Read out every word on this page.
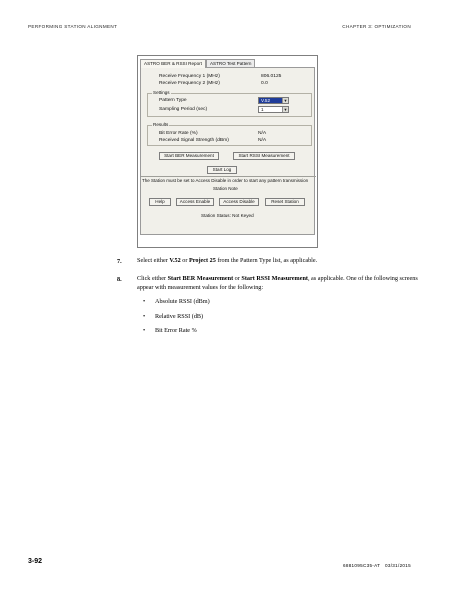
PERFORMING STATION ALIGNMENT	CHAPTER 3: OPTIMIZATION
ASTRO BER & RSSI Report	ASTRO Test Pattern
Receive Frequency 1 (MHz)	806.0125
Receive Frequency 2 (MHz)	0.0
Settings
Pattern Type	V.52	▼
Sampling Period (sec)	1	▼
Results
Bit Error Rate (%)	N/A
Received Signal Strength (dBm)	N/A
Start BER Measurement	Start RSSI Measurement
Start Log
The Station must be set to Access Disable in order to start any pattern transmission
Station Note
Help	Access Enable	Access Disable	Reset Station
Station Status: Not Keyed
7. Select either V.52 or Project 25 from the Pattern Type list, as applicable.
8. Click either Start BER Measurement or Start RSSI Measurement, as applicable. One of the following screens appear with measurement values for the following:
• Absolute RSSI (dBm)
• Relative RSSI (dB)
• Bit Error Rate %
3-92
6881095C35-AT 03/31/2015
